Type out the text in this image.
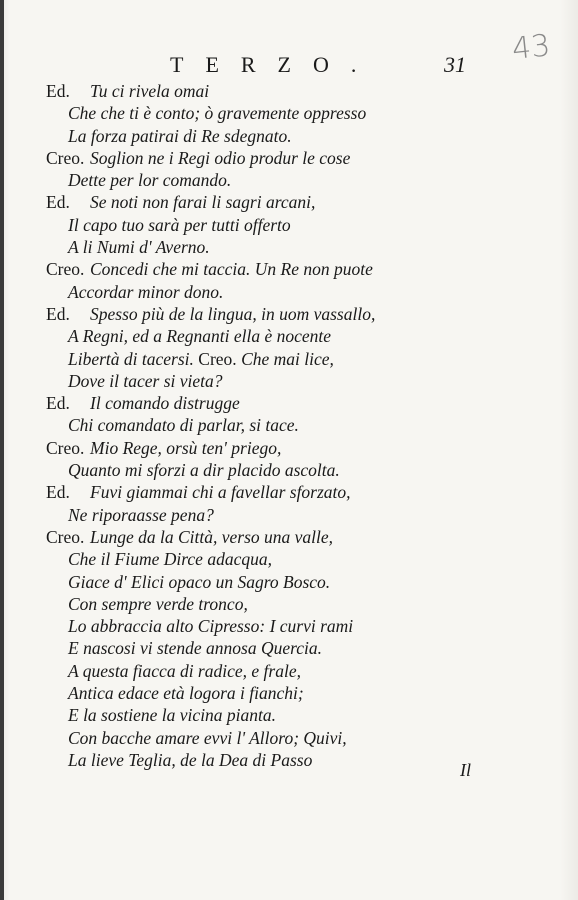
TERZO.	31 43
Ed. Tu ci rivela omai
Che che ti è conto; ò gravemente oppresso
La forza patirai di Re sdegnato.
Creo. Soglion ne i Regi odio produr le cose
Dette per lor comando.
Ed. Se noti non farai li sagri arcani,
Il capo tuo sarà per tutti offerto
A li Numi d' Averno.
Creo. Concedi che mi taccia. Un Re non puote
Accordar minor dono.
Ed. Spesso più de la lingua, in uom vassallo,
A Regni, ed a Regnanti ella è nocente
Libertà di tacersi. Creo. Che mai lice,
Dove il tacer si vieta?
Ed. Il comando distrugge
Chi comandato di parlar, si tace.
Creo. Mio Rege, orsù ten' priego,
Quanto mi sforzi a dir placido ascolta.
Ed. Fuvi giammai chi a favellar sforzato,
Ne riporaasse pena?
Creo. Lunge da la Città, verso una valle,
Che il Fiume Dirce adacqua,
Giace d' Elici opaco un Sagro Bosco.
Con sempre verde tronco,
Lo abbraccia alto Cipresso: I curvi rami
E nascosi vi stende annosa Quercia.
A questa fiacca di radice, e frale,
Antica edace età logora i fianchi;
E la sostiene la vicina pianta.
Con bacche amare evvi l' Alloro; Quivi,
La lieve Teglia, de la Dea di Passo
Il
